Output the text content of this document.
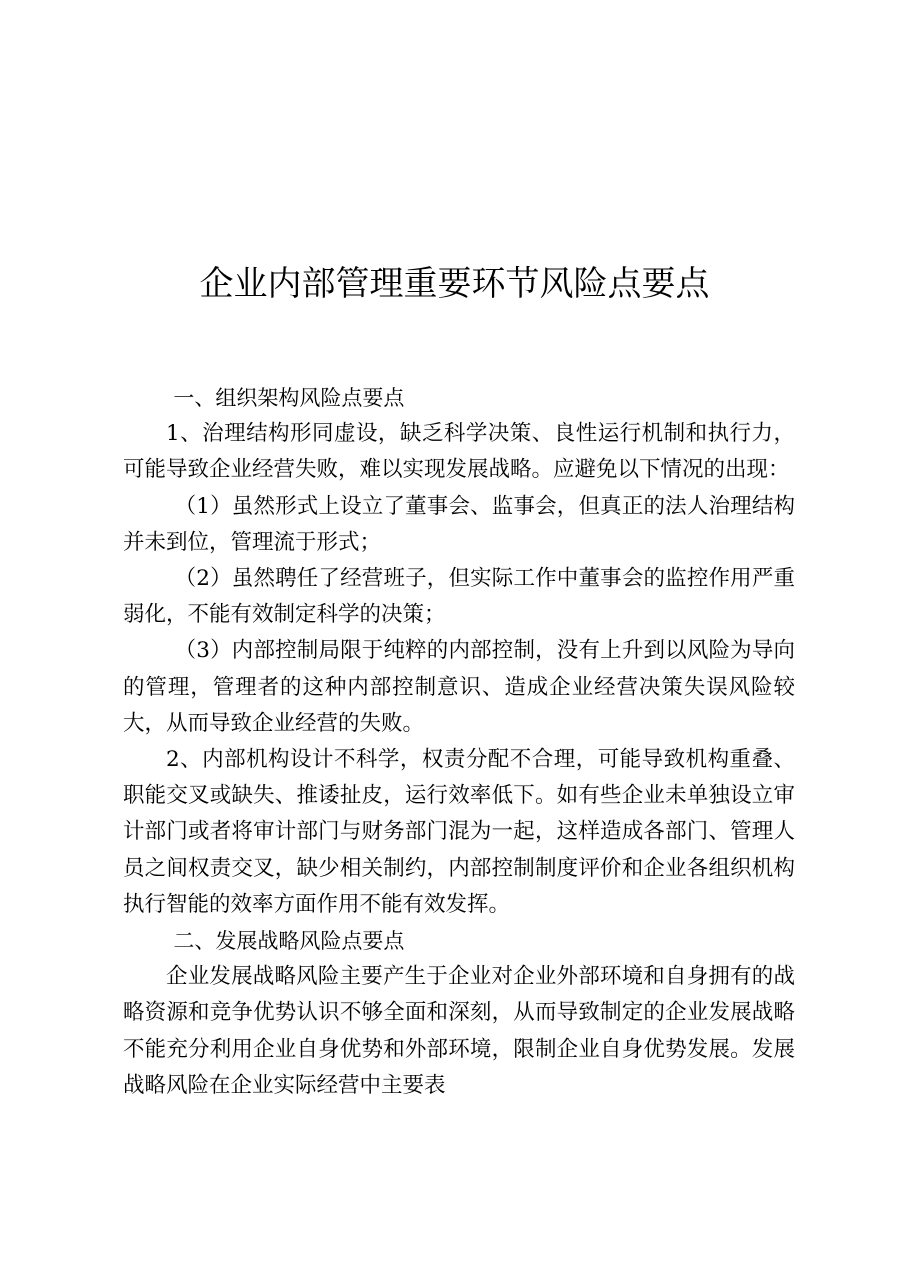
企业内部管理重要环节风险点要点

一、组织架构风险点要点

1、治理结构形同虚设，缺乏科学决策、良性运行机制和执行力，可能导致企业经营失败，难以实现发展战略。应避免以下情况的出现：

（1）虽然形式上设立了董事会、监事会，但真正的法人治理结构并未到位，管理流于形式；

（2）虽然聘任了经营班子，但实际工作中董事会的监控作用严重弱化，不能有效制定科学的决策；

（3）内部控制局限于纯粹的内部控制，没有上升到以风险为导向的管理，管理者的这种内部控制意识、造成企业经营决策失误风险较大，从而导致企业经营的失败。

2、内部机构设计不科学，权责分配不合理，可能导致机构重叠、职能交叉或缺失、推诿扯皮，运行效率低下。如有些企业未单独设立审计部门或者将审计部门与财务部门混为一起，这样造成各部门、管理人员之间权责交叉，缺少相关制约，内部控制制度评价和企业各组织机构执行智能的效率方面作用不能有效发挥。

二、发展战略风险点要点

企业发展战略风险主要产生于企业对企业外部环境和自身拥有的战略资源和竞争优势认识不够全面和深刻，从而导致制定的企业发展战略不能充分利用企业自身优势和外部环境，限制企业自身优势发展。发展战略风险在企业实际经营中主要表
